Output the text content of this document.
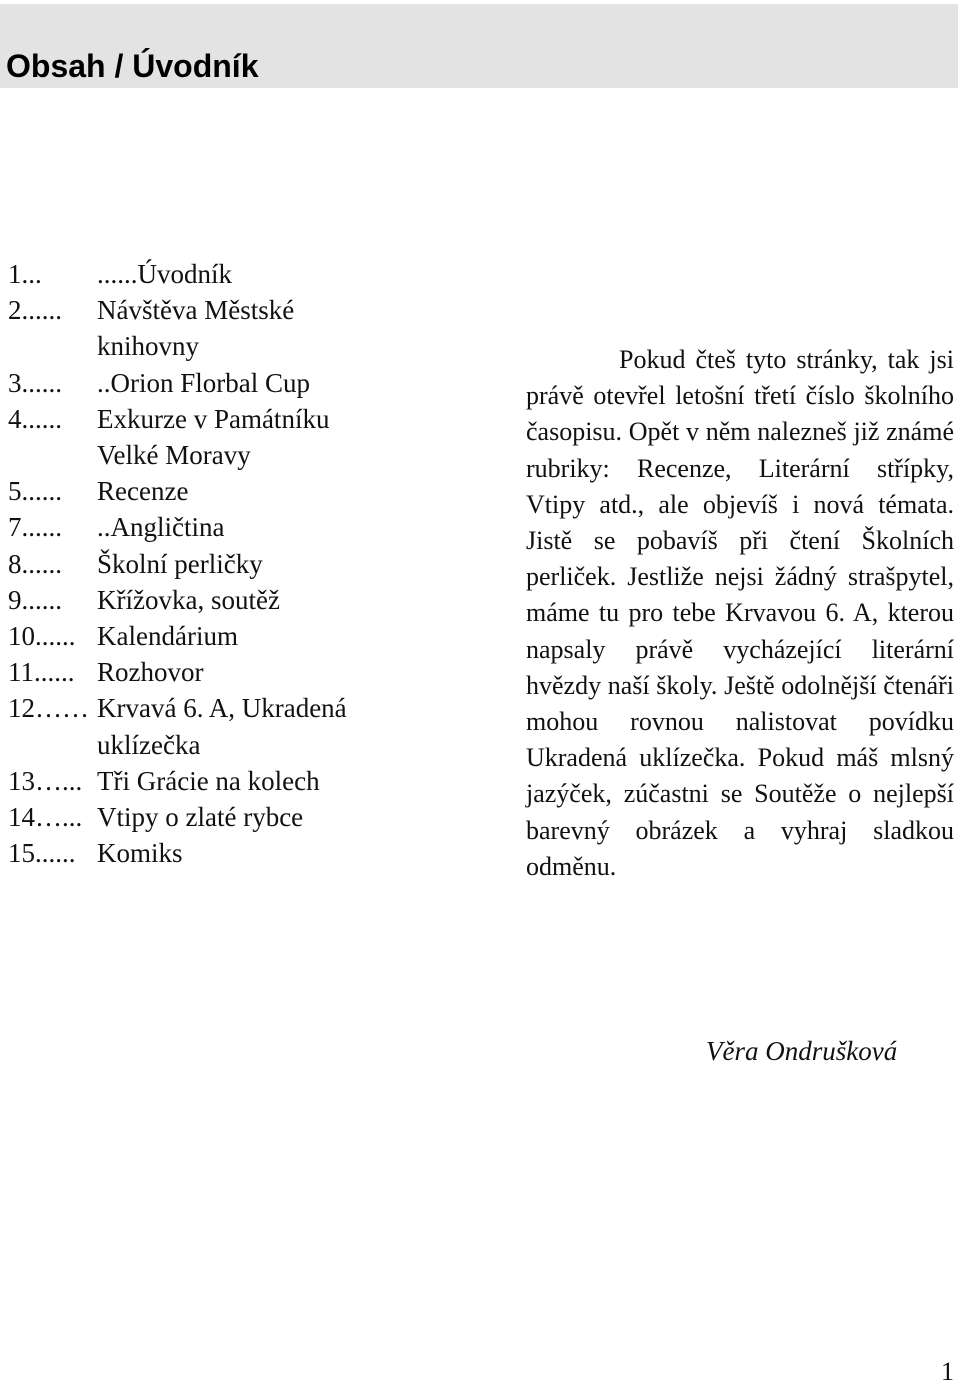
Obsah / Úvodník
1...	......Úvodník
2......	Návštěva Městské knihovny
3......	..Orion Florbal Cup
4......	Exkurze v Památníku Velké Moravy
5......	Recenze
7......	..Angličtina
8......	Školní perličky
9......	Křížovka, soutěž
10...... Kalendárium
11...... Rozhovor
12…… Krvavá 6. A, Ukradená uklízečka
13…... Tři Grácie na kolech
14…... Vtipy o zlaté rybce
15...... Komiks

Pokud čteš tyto stránky, tak jsi právě otevřel letošní třetí číslo školního časopisu. Opět v něm nalezneš již známé rubriky: Recenze, Literární střípky, Vtipy atd., ale objevíš i nová témata. Jistě se pobavíš při čtení Školních perliček. Jestliže nejsi žádný strašpytel, máme tu pro tebe Krvavou 6. A, kterou napsaly právě vycházející literární hvězdy naší školy. Ještě odolnější čtenáři mohou rovnou nalistovat povídku Ukradená uklízečka. Pokud máš mlsný jazýček, zúčastni se Soutěže o nejlepší barevný obrázek a vyhraj sladkou odměnu.

Věra Ondrušková

1
